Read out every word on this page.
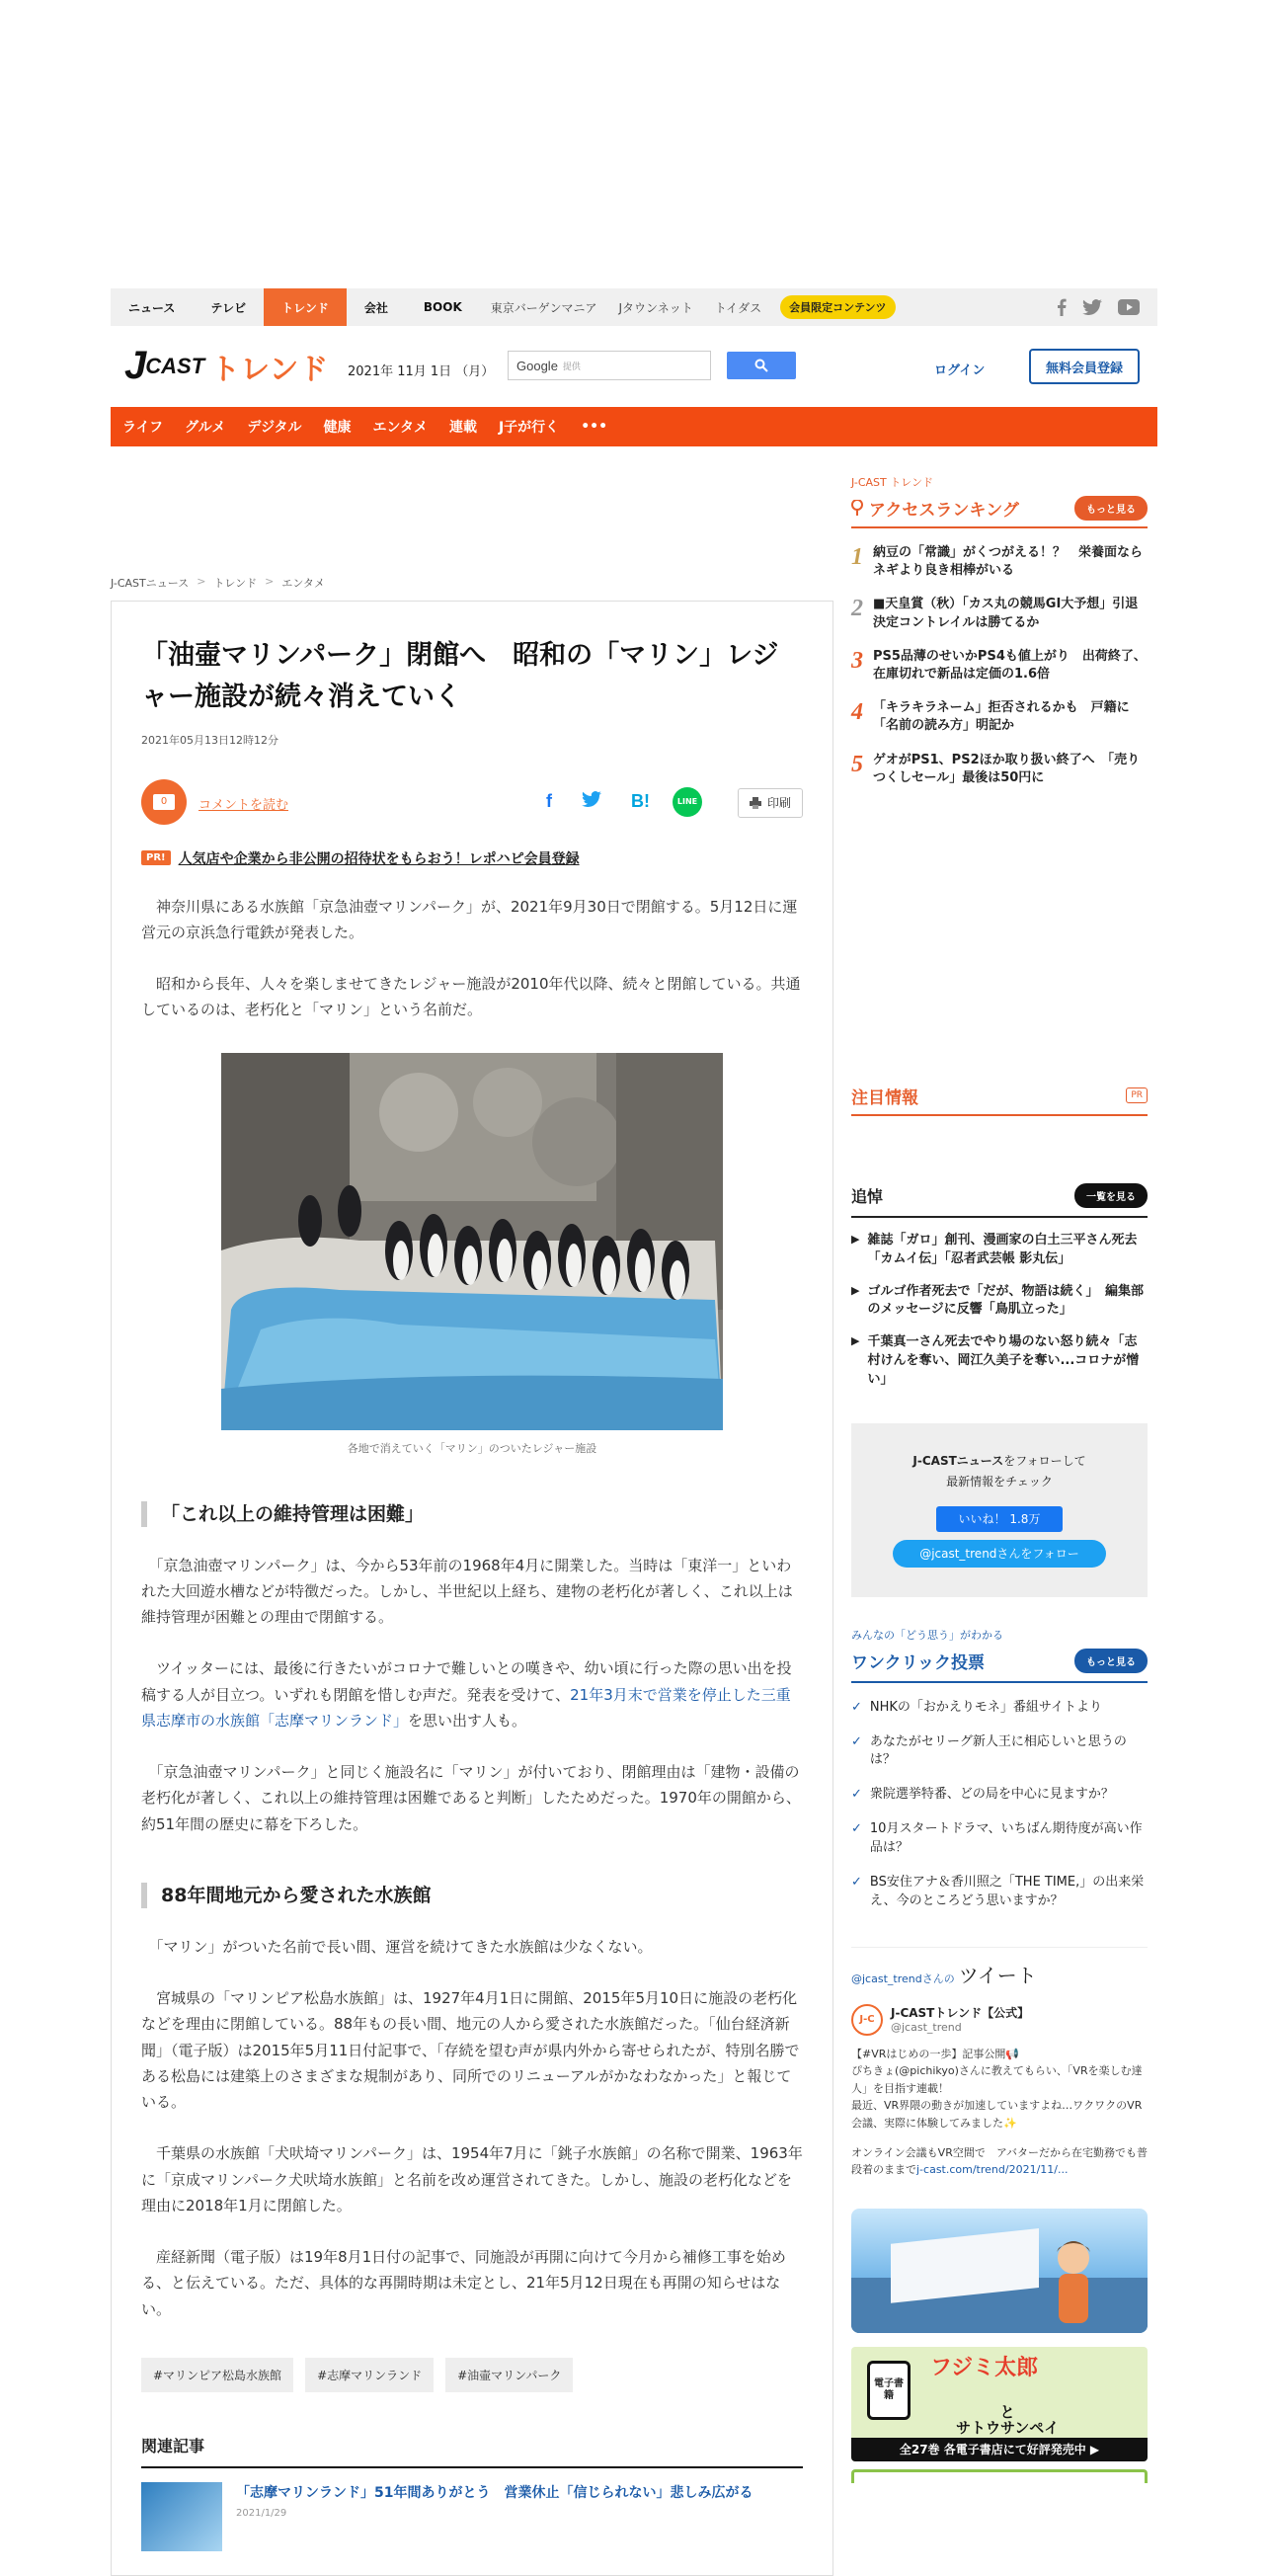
ニュース	テレビ	トレンド	会社	BOOK	東京バーゲンマニア	Jタウンネット	トイダス	会員限定コンテンツ
J CAST トレンド 2021年 11月 1日 （月） Google 提供	ログイン	無料会員登録
ライフ グルメ デジタル 健康 エンタメ 連載 J子が行く •••
J-CASTニュース > トレンド > エンタメ
「油壷マリンパーク」閉館へ　昭和の「マリン」レジャー施設が続々消えていく
2021年05月13日12時12分
0	コメントを読む	f	B!	LINE	印刷
PR! 人気店や企業から非公開の招待状をもらおう！レポハピ会員登録

　神奈川県にある水族館「京急油壺マリンパーク」が、2021年9月30日で閉館する。5月12日に運営元の京浜急行電鉄が発表した。

　昭和から長年、人々を楽しませてきたレジャー施設が2010年代以降、続々と閉館している。共通しているのは、老朽化と「マリン」という名前だ。

各地で消えていく「マリン」のついたレジャー施設
「これ以上の維持管理は困難」

　「京急油壺マリンパーク」は、今から53年前の1968年4月に開業した。当時は「東洋一」といわれた大回遊水槽などが特徴だった。しかし、半世紀以上経ち、建物の老朽化が著しく、これ以上は維持管理が困難との理由で閉館する。

　ツイッターには、最後に行きたいがコロナで難しいとの嘆きや、幼い頃に行った際の思い出を投稿する人が目立つ。いずれも閉館を惜しむ声だ。発表を受けて、21年3月末で営業を停止した三重県志摩市の水族館「志摩マリンランド」を思い出す人も。

　「京急油壺マリンパーク」と同じく施設名に「マリン」が付いており、閉館理由は「建物・設備の老朽化が著しく、これ以上の維持管理は困難であると判断」したためだった。1970年の開館から、約51年間の歴史に幕を下ろした。

88年間地元から愛された水族館

　「マリン」がついた名前で長い間、運営を続けてきた水族館は少なくない。

　宮城県の「マリンピア松島水族館」は、1927年4月1日に開館、2015年5月10日に施設の老朽化などを理由に閉館している。88年もの長い間、地元の人から愛された水族館だった。「仙台経済新聞」（電子版）は2015年5月11日付記事で、「存続を望む声が県内外から寄せられたが、特別名勝である松島には建築上のさまざまな規制があり、同所でのリニューアルがかなわなかった」と報じている。

　千葉県の水族館「犬吠埼マリンパーク」は、1954年7月に「銚子水族館」の名称で開業、1963年に「京成マリンパーク犬吠埼水族館」と名前を改め運営されてきた。しかし、施設の老朽化などを理由に2018年1月に閉館した。

　産経新聞（電子版）は19年8月1日付の記事で、同施設が再開に向けて今月から補修工事を始める、と伝えている。ただ、具体的な再開時期は未定とし、21年5月12日現在も再開の知らせはない。

#マリンピア松島水族館	#志摩マリンランド	#油壷マリンパーク
関連記事
「志摩マリンランド」51年間ありがとう　営業休止「信じられない」悲しみ広がる
2021/1/29
J-CAST トレンド
アクセスランキング	もっと見る
1 納豆の「常識」がくつがえる！？　栄養面ならネギより良き相棒がいる
2 ■天皇賞（秋）「カス丸の競馬GI大予想」引退決定コントレイルは勝てるか
3 PS5品薄のせいかPS4も値上がり　出荷終了、在庫切れで新品は定価の1.6倍
4 「キラキラネーム」拒否されるかも　戸籍に「名前の読み方」明記か
5 ゲオがPS1、PS2ほか取り扱い終了へ　「売りつくしセール」最後は50円に
注目情報	PR
追悼	一覧を見る
▶ 雑誌「ガロ」創刊、漫画家の白土三平さん死去　「カムイ伝」「忍者武芸帳 影丸伝」
▶ ゴルゴ作者死去で「だが、物語は続く」　編集部のメッセージに反響「鳥肌立った」
▶ 千葉真一さん死去でやり場のない怒り続々「志村けんを奪い、岡江久美子を奪い...コロナが憎い」
J-CASTニュースをフォローして
最新情報をチェック
いいね！ 1.8万
@jcast_trendさんをフォロー
みんなの「どう思う」がわかる
ワンクリック投票	もっと見る
✓ NHKの「おかえりモネ」番組サイトより
✓ あなたがセリーグ新人王に相応しいと思うのは？
✓ 衆院選挙特番、どの局を中心に見ますか？
✓ 10月スタートドラマ、いちばん期待度が高い作品は？
✓ BS安住アナ＆香川照之「THE TIME,」の出来栄え、今のところどう思いますか？
@jcast_trendさんの ツイート
J-C	J-CASTトレンド【公式】
@jcast_trend
【#VRはじめの一歩】記事公開📢
ぴちきょ(@pichikyo)さんに教えてもらい、「VRを楽しむ達人」を目指す連載！
最近、VR界隈の動きが加速していますよね…ワクワクのVR会議、実際に体験してみました✨
オンライン会議もVR空間で　アバターだから在宅勤務でも普段着のままでj-cast.com/trend/2021/11/...
電子書籍
フジミ太郎
と
サトウサンペイ
全27巻 各電子書店にて好評発売中 ▶
